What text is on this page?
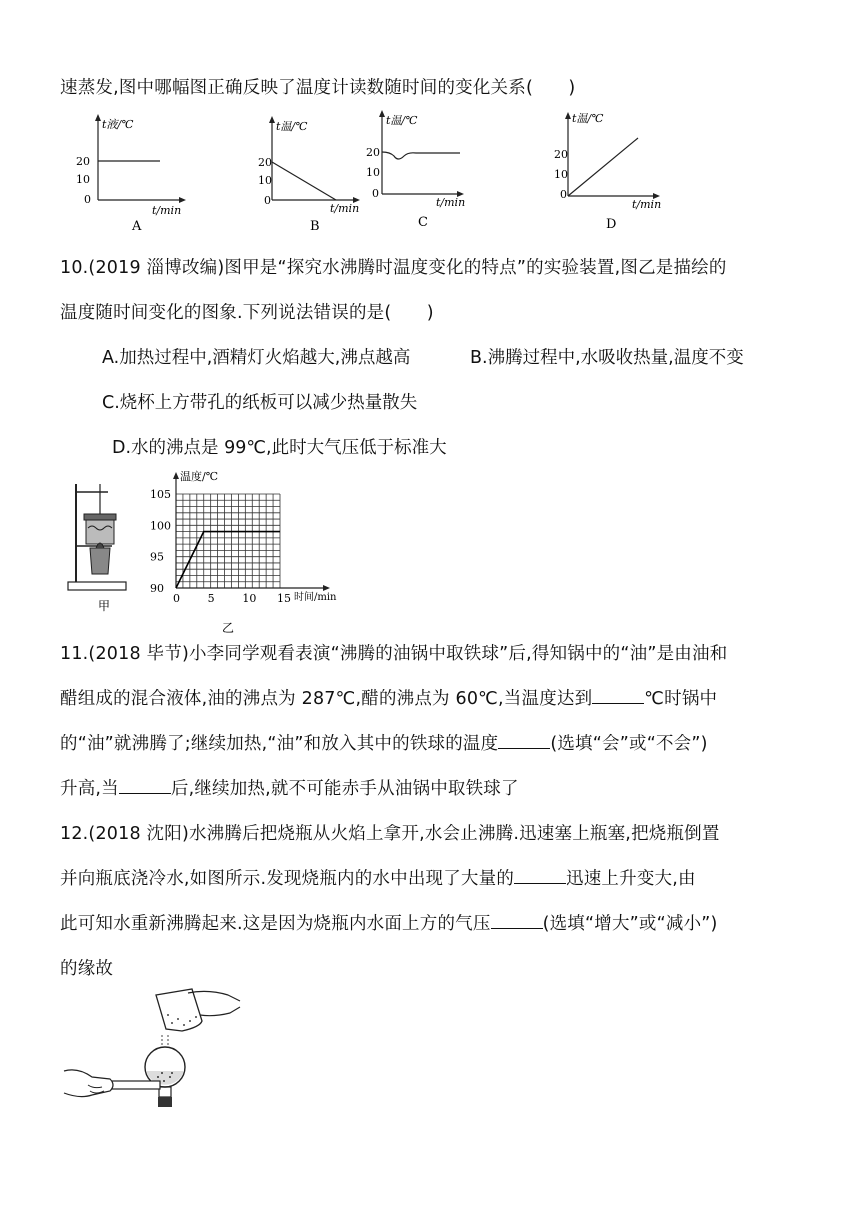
速蒸发,图中哪幅图正确反映了温度计读数随时间的变化关系(　　)
t液/℃
20
10
0
t/min
A
t温/℃
20
10
0
t/min
B
t温/℃
20
10
0
t/min
C
t温/℃
20
10
0
t/min
D
10.(2019 淄博改编)图甲是“探究水沸腾时温度变化的特点”的实验装置,图乙是描绘的
温度随时间变化的图象.下列说法错误的是(　　)
A.加热过程中,酒精灯火焰越大,沸点越高	B.沸腾过程中,水吸收热量,温度不变
C.烧杯上方带孔的纸板可以减少热量散失
D.水的沸点是 99℃,此时大气压低于标准大
甲
温度/℃
时间/min
90
95
100
105
0	5	10 15
乙
11.(2018 毕节)小李同学观看表演“沸腾的油锅中取铁球”后,得知锅中的“油”是由油和
醋组成的混合液体,油的沸点为 287℃,醋的沸点为 60℃,当温度达到	℃时锅中
的“油”就沸腾了;继续加热,“油”和放入其中的铁球的温度	(选填“会”或“不会”)
升高,当	后,继续加热,就不可能赤手从油锅中取铁球了
12.(2018 沈阳)水沸腾后把烧瓶从火焰上拿开,水会止沸腾.迅速塞上瓶塞,把烧瓶倒置
并向瓶底浇冷水,如图所示.发现烧瓶内的水中出现了大量的	迅速上升变大,由
此可知水重新沸腾起来.这是因为烧瓶内水面上方的气压	(选填“增大”或“减小”)
的缘故
